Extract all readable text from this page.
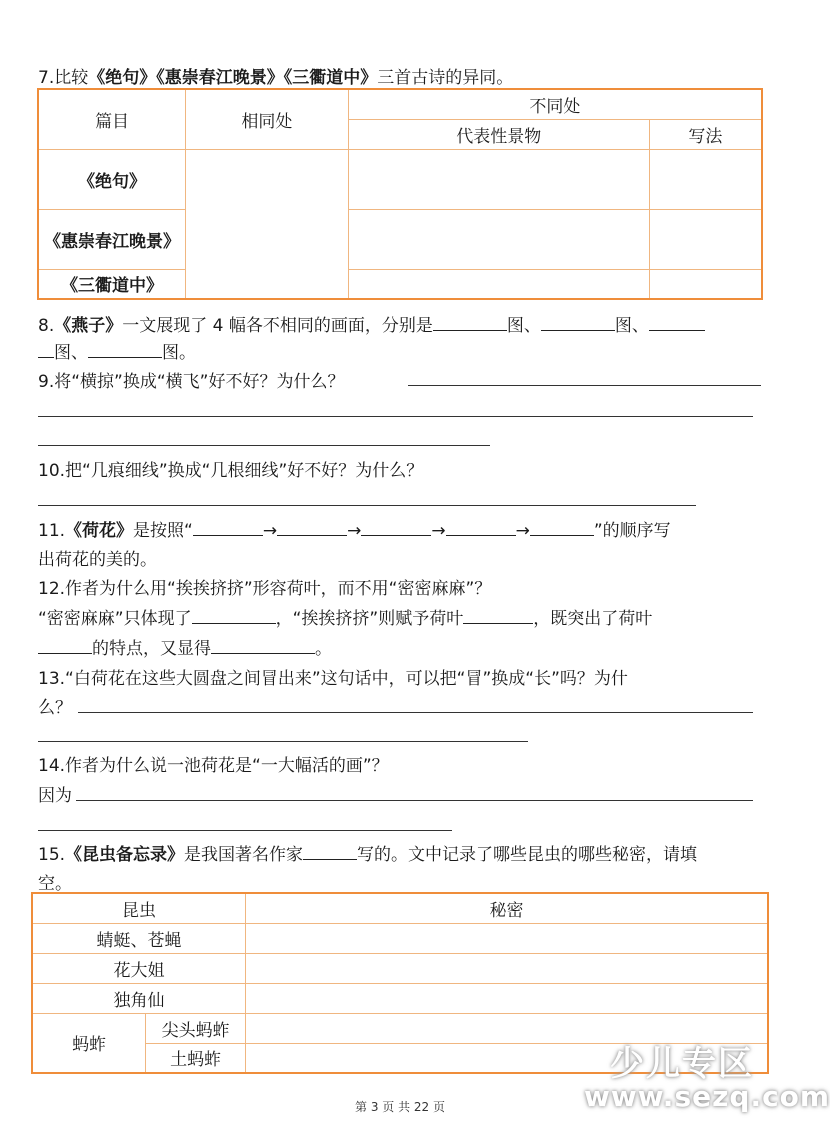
7.比较《绝句》《惠崇春江晚景》《三衢道中》三首古诗的异同。
篇目	相同处	不同处	
		代表性景物	写法
《绝句》			
《惠崇春江晚景》			
《三衢道中》			
8.《燕子》一文展现了 4 幅各不相同的画面，分别是	图、	图、
图、	图。
9.将“横掠”换成“横飞”好不好？为什么？
10.把“几痕细线”换成“几根细线”好不好？为什么？
11.《荷花》是按照“	→	→	→	→	”的顺序写
出荷花的美的。
12.作者为什么用“挨挨挤挤”形容荷叶，而不用“密密麻麻”？
“密密麻麻”只体现了	，“挨挨挤挤”则赋予荷叶	，既突出了荷叶
的特点，又显得	。
13.“白荷花在这些大圆盘之间冒出来”这句话中，可以把“冒”换成“长”吗？为什
么？
14.作者为什么说一池荷花是“一大幅活的画”？
因为
15.《昆虫备忘录》是我国著名作家	写的。文中记录了哪些昆虫的哪些秘密，请填
空。
昆虫		秘密
蜻蜓、苍蝇		
花大姐		
独角仙		
蚂蚱	尖头蚂蚱	
	土蚂蚱		少儿专区
www.sezq.com
第 3 页 共 22 页
